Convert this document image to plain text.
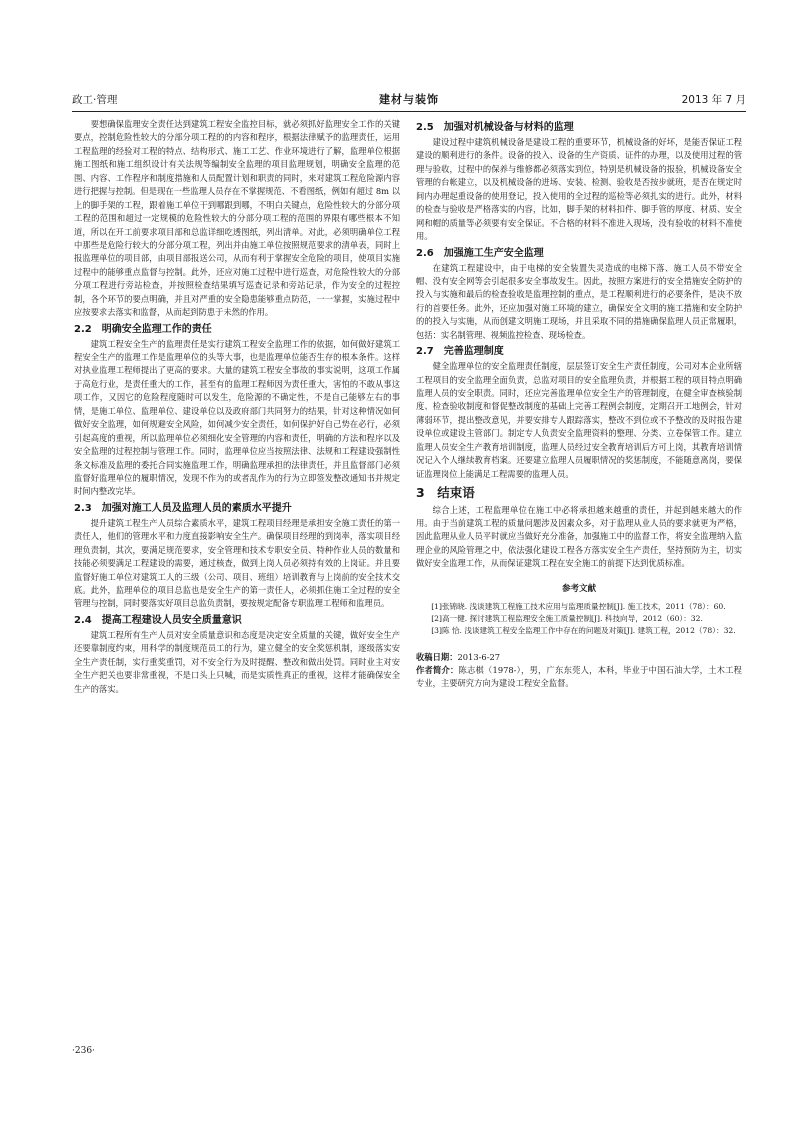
政工·管理	建材与装饰	2013 年 7 月

要想确保监理安全责任达到建筑工程安全监控目标，就必须抓好监理安全工作的关键要点，控制危险性较大的分部分项工程的的内容和程序，根据法律赋予的监理责任，运用工程监理的经验对工程的特点、结构形式、施工工艺、作业环境进行了解，监理单位根据施工图纸和施工组织设计有关法规等编制安全监理的项目监理规划，明确安全监理的范围、内容、工作程序和制度措施和人员配置计划和职责的同时，来对建筑工程危险源内容进行把握与控制。但是现在一些监理人员存在不掌握规范、不看图纸，例如有超过 8m 以上的脚手架的工程，跟着施工单位干到哪跟到哪，不明白关键点，危险性较大的分部分项工程的范围和超过一定规模的危险性较大的分部分项工程的范围的界限有哪些根本不知道，所以在开工前要求项目部和总监详细吃透图纸，列出清单。对此，必须明确单位工程中那些是危险行较大的分部分项工程，列出并由施工单位按照规范要求的清单表，同时上报监理单位的项目部，由项目部报送公司，从而有利于掌握安全危险的项目，使项目实施过程中的能够重点监督与控制。此外，还应对施工过程中进行巡查，对危险性较大的分部分项工程进行旁站检查，并按照检查结果填写巡查记录和旁站记录，作为安全的过程控制，各个环节的要点明确，并且对严重的安全隐患能够重点防范，一一掌握，实施过程中应按要求去落实和监督，从而起到防患于未然的作用。

2.2　明确安全监理工作的责任

建筑工程安全生产的监理责任是实行建筑工程安全监理工作的依据，如何做好建筑工程安全生产的监理工作是监理单位的头等大事，也是监理单位能否生存的根本条件。这样对执业监理工程师提出了更高的要求。大量的建筑工程安全事故的事实说明，这项工作属于高危行业，是责任重大的工作，甚至有的监理工程师因为责任重大，害怕的不敢从事这项工作，又因它的危险程度随时可以发生，危险源的不确定性，不是自己能够左右的事情，是施工单位、监理单位、建设单位以及政府部门共同努力的结果，针对这种情况如何做好安全监理，如何规避安全风险，如何减少安全责任，如何保护好自己势在必行，必须引起高度的重视，所以监理单位必须细化安全管理的内容和责任，明确的方法和程序以及安全监理的过程控制与管理工作。同时，监理单位应当按照法律、法规和工程建设强制性条文标准及监理的委托合同实施监理工作，明确监理承担的法律责任，并且监督部门必须监督好监理单位的履职情况，发现不作为的或者乱作为的行为立即签发整改通知书并规定时间内整改完毕。

2.3　加强对施工人员及监理人员的素质水平提升

提升建筑工程生产人员综合素质水平，建筑工程项目经理是承担安全施工责任的第一责任人，他们的管理水平和力度直接影响安全生产。确保项目经理的到岗率，落实项目经理负责制，其次，要满足规范要求，安全管理和技术专职安全员、特种作业人员的数量和技能必须要满足工程建设的需要，通过核查，做到上岗人员必须持有效的上岗证。并且要监督好施工单位对建筑工人的三级（公司、项目、班组）培训教育与上岗前的安全技术交底。此外，监理单位的项目总监也是安全生产的第一责任人，必须抓住施工全过程的安全管理与控制，同时要落实好项目总监负责制，要按规定配备专职监理工程师和监理员。

2.4　提高工程建设人员安全质量意识

建筑工程所有生产人员对安全质量意识和态度是决定安全质量的关键，做好安全生产还要靠制度约束，用科学的制度规范员工的行为，建立健全的安全奖惩机制，逐级落实安全生产责任制，实行重奖重罚，对不安全行为及时提醒、整改和做出处罚。同时业主对安全生产把关也要非常重视，不是口头上只喊，而是实质性真正的重视，这样才能确保安全生产的落实。

2.5　加强对机械设备与材料的监理

建设过程中建筑机械设备是建设工程的重要环节，机械设备的好坏，是能否保证工程建设的顺利进行的条件。设备的投入、设备的生产资质、证件的办理，以及使用过程的管理与验收，过程中的保养与维修都必须落实到位，特别是机械设备的报验，机械设备安全管理的台帐建立，以及机械设备的进场、安装、检测、验收是否按步就班，是否在规定时间内办理起重设备的使用登记，投入使用的全过程的巡检等必须扎实的进行。此外，材料的检查与验收是严格落实的内容，比如，脚手架的材料扣件、脚手管的厚度、材质、安全网和帽的质量等必须要有安全保证。不合格的材料不准进入现场，没有验收的材料不准使用。

2.6　加强施工生产安全监理

在建筑工程建设中，由于电梯的安全装置失灵造成的电梯下落、施工人员不带安全帽、没有安全网等会引起很多安全事故发生。因此，按照方案进行的安全措施安全防护的投入与实施和最后的检查验收是监理控制的重点，是工程顺利进行的必要条件，是决不放行的首要任务。此外，还应加强对施工环境的建立，确保安全文明的施工措施和安全防护的的投入与实施，从而创建文明施工现场，并且采取不同的措施确保监理人员正常履职，包括：实名制管理、视频监控检查、现场检查。

2.7　完善监理制度

健全监理单位的安全监理责任制度，层层签订安全生产责任制度，公司对本企业所辖工程项目的安全监理全面负责，总监对项目的安全监理负责，并根据工程的项目特点明确监理人员的安全职责。同时，还应完善监理单位安全生产的管理制度，在健全审查核验制度、检查验收制度和督促整改制度的基础上完善工程例会制度，定期召开工地例会，针对薄弱环节，提出整改意见，并要安排专人跟踪落实，整改不到位或不予整改的及时报告建设单位或建设主管部门。制定专人负责安全监理资料的整理、分类、立卷保管工作。建立监理人员安全生产教育培训制度，监理人员经过安全教育培训后方可上岗，其教育培训情况记入个人继续教育档案。还要建立监理人员履职情况的奖惩制度，不能随意离岗，要保证监理岗位上能满足工程需要的监理人员。

3　结束语

综合上述，工程监理单位在施工中必将承担越来越重的责任，并起到越来越大的作用。由于当前建筑工程的质量问题涉及因素众多，对于监理从业人员的要求就更为严格，因此监理从业人员平时就应当做好充分准备，加强施工中的监督工作，将安全监理纳入监理企业的风险管理之中，依法强化建设工程各方落实安全生产责任，坚持预防为主，切实做好安全监理工作，从而保证建筑工程在安全施工的前提下达到优质标准。

参考文献

[1]张锦晓. 浅谈建筑工程施工技术应用与监理质量控制[J]. 施工技术，2011（78）：60.

[2]高一健. 探讨建筑工程监理安全施工质量控制[J]. 科技向导，2012（60）：32.

[3]陈 恰. 浅谈建筑工程安全监理工作中存在的问题及对策[J]. 建筑工程，2012（78）：32.

收稿日期：2013-6-27
作者简介：陈志棋（1978-），男，广东东莞人，本科，毕业于中国石油大学，土木工程专业，主要研究方向为建设工程安全监督。
·236·
